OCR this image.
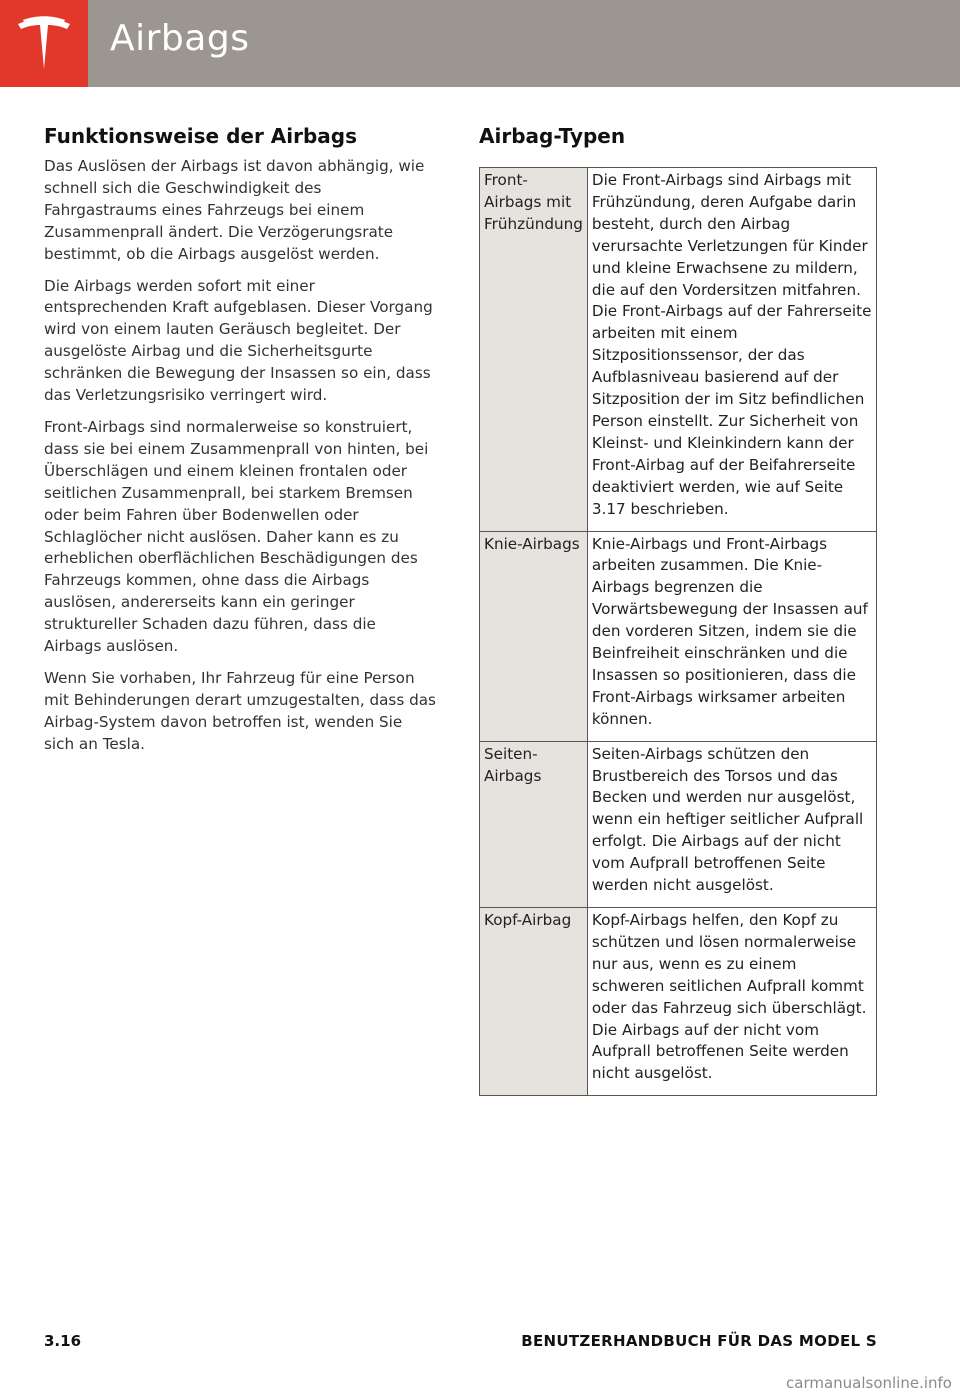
Airbags
Funktionsweise der Airbags

Das Auslösen der Airbags ist davon abhängig, wie schnell sich die Geschwindigkeit des Fahrgastraums eines Fahrzeugs bei einem Zusammenprall ändert. Die Verzögerungsrate bestimmt, ob die Airbags ausgelöst werden.

Die Airbags werden sofort mit einer entsprechenden Kraft aufgeblasen. Dieser Vorgang wird von einem lauten Geräusch begleitet. Der ausgelöste Airbag und die Sicherheitsgurte schränken die Bewegung der Insassen so ein, dass das Verletzungsrisiko verringert wird.

Front-Airbags sind normalerweise so konstruiert, dass sie bei einem Zusammenprall von hinten, bei Überschlägen und einem kleinen frontalen oder seitlichen Zusammenprall, bei starkem Bremsen oder beim Fahren über Bodenwellen oder Schlaglöcher nicht auslösen. Daher kann es zu erheblichen oberflächlichen Beschädigungen des Fahrzeugs kommen, ohne dass die Airbags auslösen, andererseits kann ein geringer struktureller Schaden dazu führen, dass die Airbags auslösen.

Wenn Sie vorhaben, Ihr Fahrzeug für eine Person mit Behinderungen derart umzugestalten, dass das Airbag-System davon betroffen ist, wenden Sie sich an Tesla.

Airbag-Typen
Front-Airbags mit Frühzündung	Die Front-Airbags sind Airbags mit Frühzündung, deren Aufgabe darin besteht, durch den Airbag verursachte Verletzungen für Kinder und kleine Erwachsene zu mildern, die auf den Vordersitzen mitfahren. Die Front-Airbags auf der Fahrerseite arbeiten mit einem Sitzpositionssensor, der das Aufblasniveau basierend auf der Sitzposition der im Sitz befindlichen Person einstellt. Zur Sicherheit von Kleinst- und Kleinkindern kann der Front-Airbag auf der Beifahrerseite deaktiviert werden, wie auf Seite 3.17 beschrieben.
Knie-Airbags	Knie-Airbags und Front-Airbags arbeiten zusammen. Die Knie-Airbags begrenzen die Vorwärtsbewegung der Insassen auf den vorderen Sitzen, indem sie die Beinfreiheit einschränken und die Insassen so positionieren, dass die Front-Airbags wirksamer arbeiten können.
Seiten-Airbags	Seiten-Airbags schützen den Brustbereich des Torsos und das Becken und werden nur ausgelöst, wenn ein heftiger seitlicher Aufprall erfolgt. Die Airbags auf der nicht vom Aufprall betroffenen Seite werden nicht ausgelöst.
Kopf-Airbag	Kopf-Airbags helfen, den Kopf zu schützen und lösen normalerweise nur aus, wenn es zu einem schweren seitlichen Aufprall kommt oder das Fahrzeug sich überschlägt. Die Airbags auf der nicht vom Aufprall betroffenen Seite werden nicht ausgelöst.
3.16	BENUTZERHANDBUCH FÜR DAS MODEL S
carmanualsonline.info
